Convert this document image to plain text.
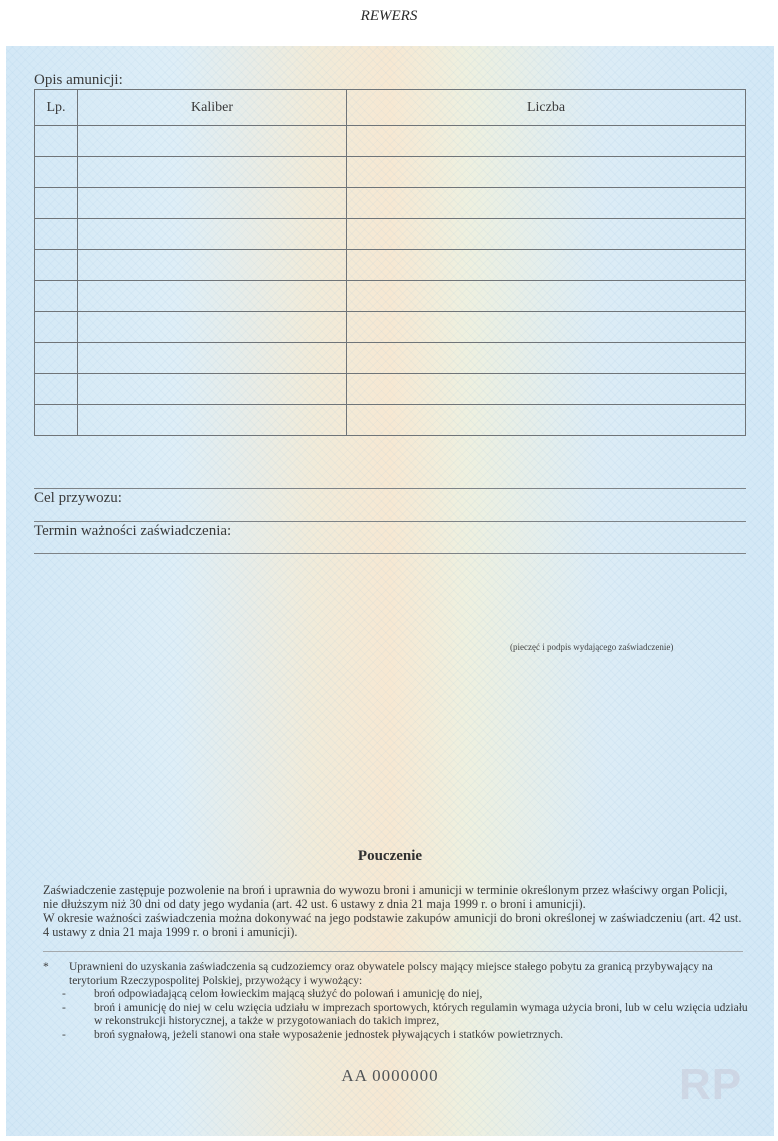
REWERS
Opis amunicji:
Lp.	Kaliber	Liczba

Cel przywozu:
Termin ważności zaświadczenia:
(pieczęć i podpis wydającego zaświadczenie)
Pouczenie
Zaświadczenie zastępuje pozwolenie na broń i uprawnia do wywozu broni i amunicji w terminie określonym przez właściwy organ Policji, nie dłuższym niż 30 dni od daty jego wydania (art. 42 ust. 6 ustawy z dnia 21 maja 1999 r. o broni i amunicji).
W okresie ważności zaświadczenia można dokonywać na jego podstawie zakupów amunicji do broni określonej w zaświadczeniu (art. 42 ust. 4 ustawy z dnia 21 maja 1999 r. o broni i amunicji).
* Uprawnieni do uzyskania zaświadczenia są cudzoziemcy oraz obywatele polscy mający miejsce stałego pobytu za granicą przybywający na terytorium Rzeczypospolitej Polskiej, przywożący i wywożący:
- broń odpowiadającą celom łowieckim mającą służyć do polowań i amunicję do niej,
- broń i amunicję do niej w celu wzięcia udziału w imprezach sportowych, których regulamin wymaga użycia broni, lub w celu wzięcia udziału w rekonstrukcji historycznej, a także w przygotowaniach do takich imprez,
- broń sygnałową, jeżeli stanowi ona stałe wyposażenie jednostek pływających i statków powietrznych.
AA 0000000	RP
